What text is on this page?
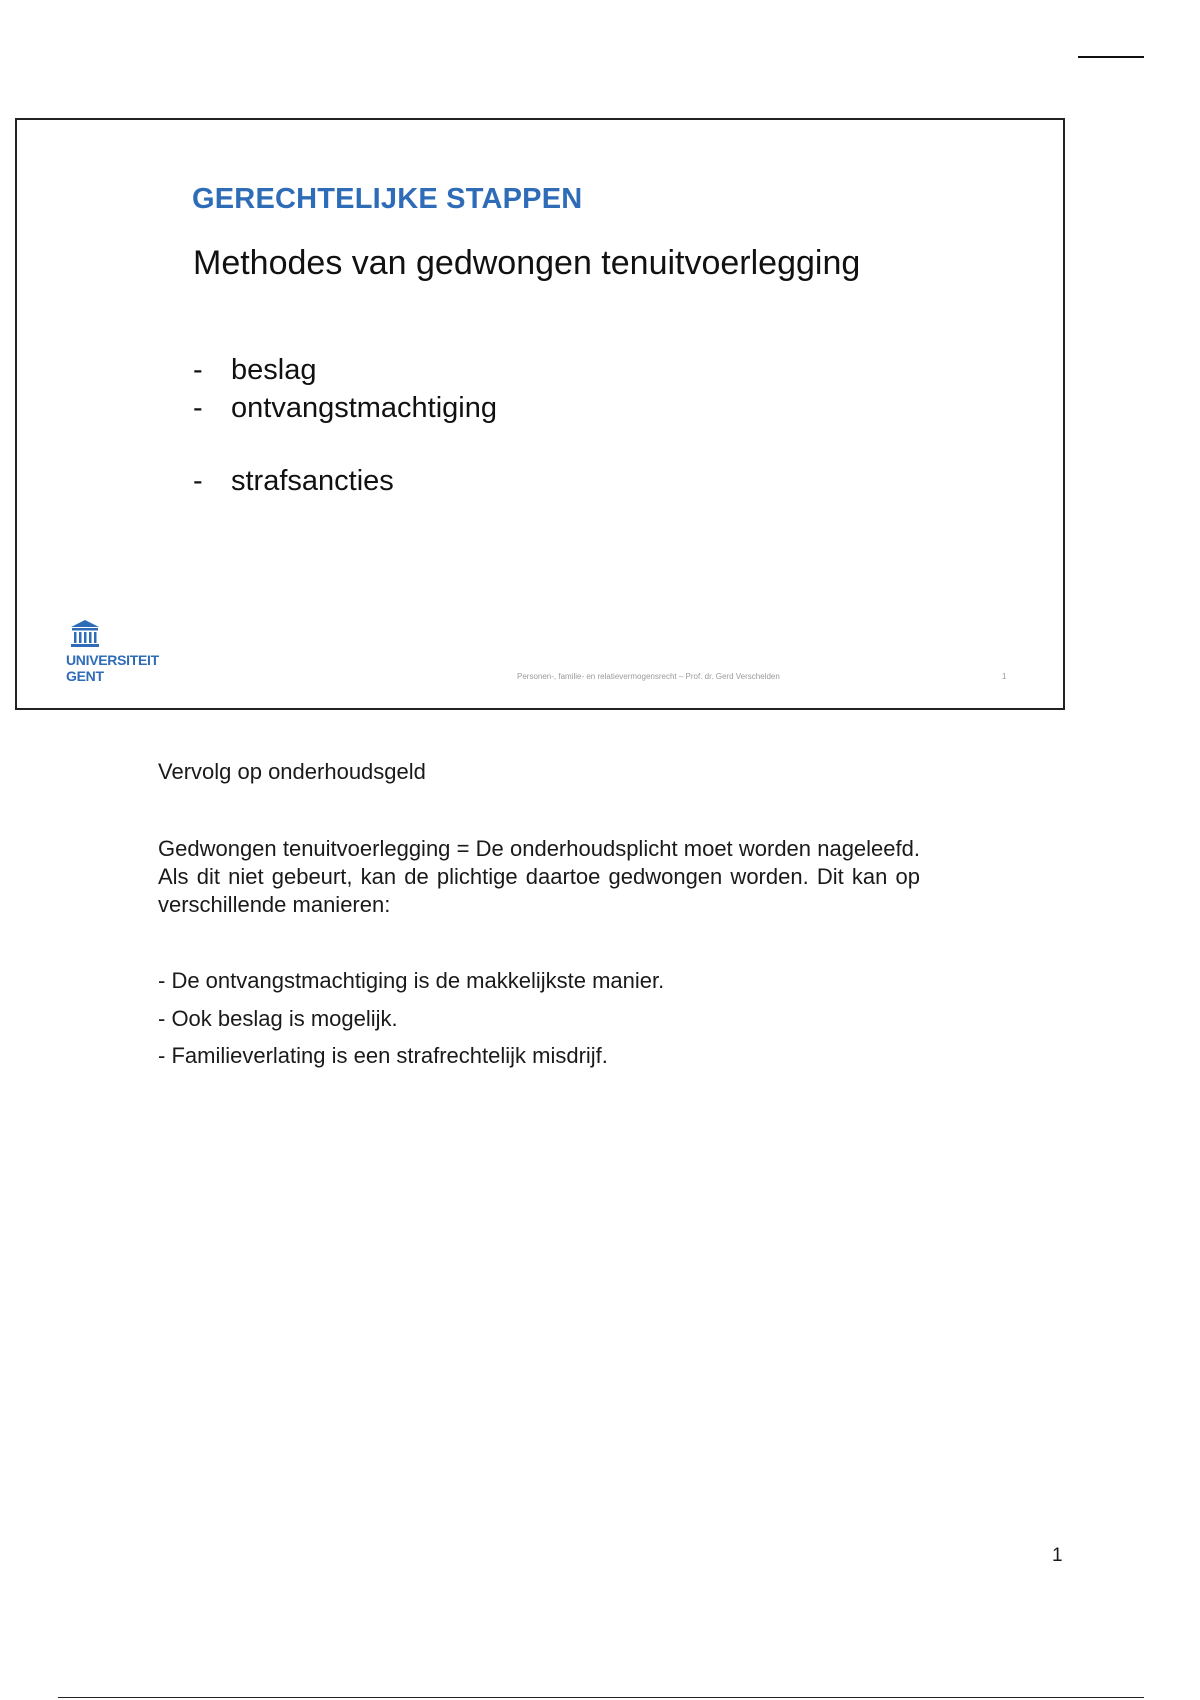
GERECHTELIJKE STAPPEN
Methodes van gedwongen tenuitvoerlegging
- beslag
- ontvangstmachtiging
- strafsancties
UNIVERSITEIT
GENT	Personen-, familie- en relatievermogensrecht – Prof. dr. Gerd Verschelden	1
Vervolg op onderhoudsgeld

Gedwongen tenuitvoerlegging = De onderhoudsplicht moet worden nageleefd. Als dit niet gebeurt, kan de plichtige daartoe gedwongen worden. Dit kan op verschillende manieren:

- De ontvangstmachtiging is de makkelijkste manier.
- Ook beslag is mogelijk.
- Familieverlating is een strafrechtelijk misdrijf.
1
